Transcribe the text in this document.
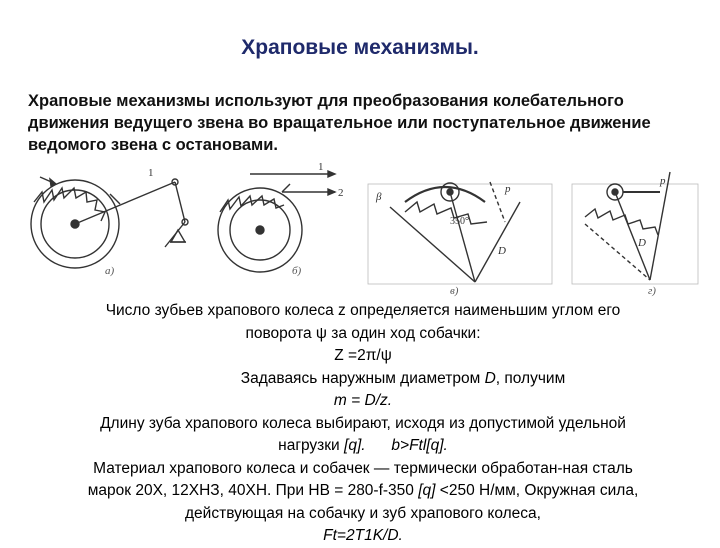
Храповые механизмы.
Храповые механизмы используют для преобразования колебательного
движения ведущего звена во вращательное или поступательное движение
ведомого звена с остановами.
а)
1
б)
1
2
350°
p
D
β
в)
p
D
г)

Число зубьев храпового колеса z определяется наименьшим углом его

поворота ψ за один ход собачки:

Z =2π/ψ

Задаваясь наружным диаметром D, получим

m = D/z.

Длину зуба храпового колеса выбирают, исходя из допустимой удельной

нагрузки [q].      b>Ftl[q].

Материал храпового колеса и собачек — термически обработан-ная сталь

марок 20Х, 12ХНЗ, 40ХН. При НВ = 280-f-350 [q] <250 Н/мм, Окружная сила,

действующая на собачку и зуб храпового колеса,

Ft=2T1K/D.
